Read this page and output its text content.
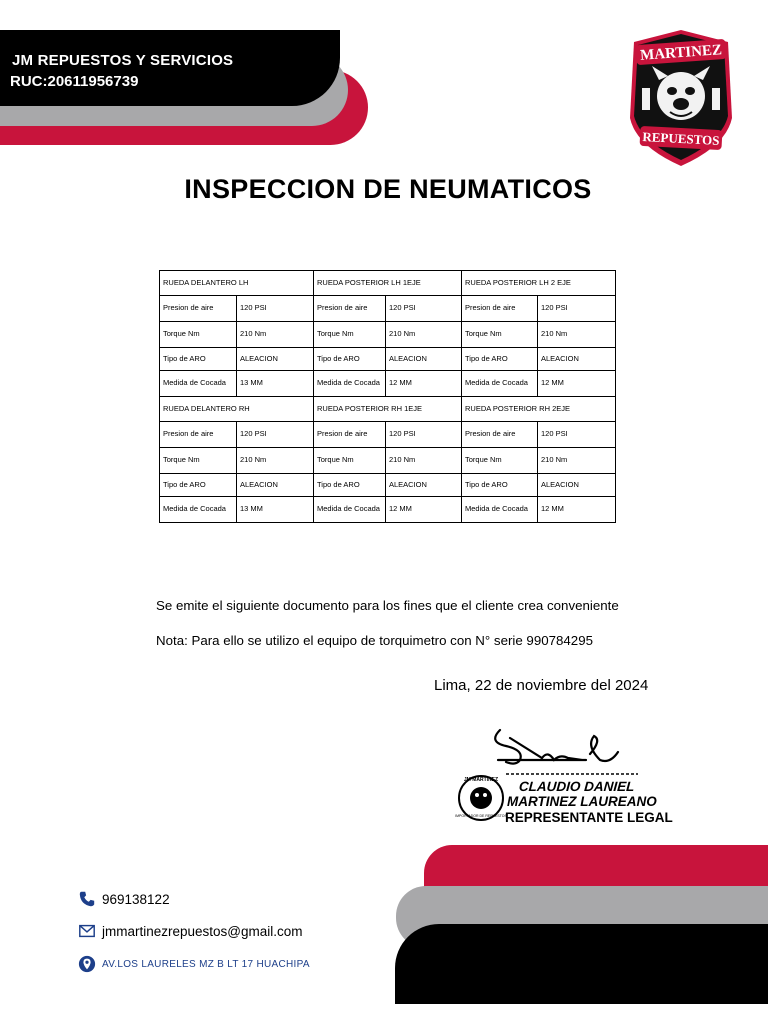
JM REPUESTOS Y SERVICIOS
RUC:20611956739
MARTINEZ
REPUESTOS
INSPECCION DE NEUMATICOS
RUEDA DELANTERO LH		RUEDA POSTERIOR LH 1EJE		RUEDA POSTERIOR LH 2 EJE	
Presion de aire	120 PSI	Presion de aire	120 PSI	Presion de aire	120 PSI
Torque Nm	210 Nm	Torque Nm	210 Nm	Torque Nm	210 Nm
Tipo de ARO	ALEACION	Tipo de ARO	ALEACION	Tipo de ARO	ALEACION
Medida de Cocada	13 MM	Medida de Cocada	12 MM	Medida de Cocada	12 MM
RUEDA DELANTERO RH		RUEDA POSTERIOR RH 1EJE		RUEDA POSTERIOR RH 2EJE	
Presion de aire	120 PSI	Presion de aire	120 PSI	Presion de aire	120 PSI
Torque Nm	210 Nm	Torque Nm	210 Nm	Torque Nm	210 Nm
Tipo de ARO	ALEACION	Tipo de ARO	ALEACION	Tipo de ARO	ALEACION
Medida de Cocada	13 MM	Medida de Cocada	12 MM	Medida de Cocada	12 MM
Se emite el siguiente documento para los fines que el cliente crea conveniente
Nota: Para ello se utilizo el equipo de torquimetro con N° serie 990784295
Lima, 22 de noviembre del 2024
JM MARTINEZ
IMPORTADOR DE REPUESTOS
CLAUDIO DANIEL
MARTINEZ LAUREANO
REPRESENTANTE LEGAL
969138122
jmmartinezrepuestos@gmail.com
AV.LOS LAURELES MZ B LT 17 HUACHIPA
